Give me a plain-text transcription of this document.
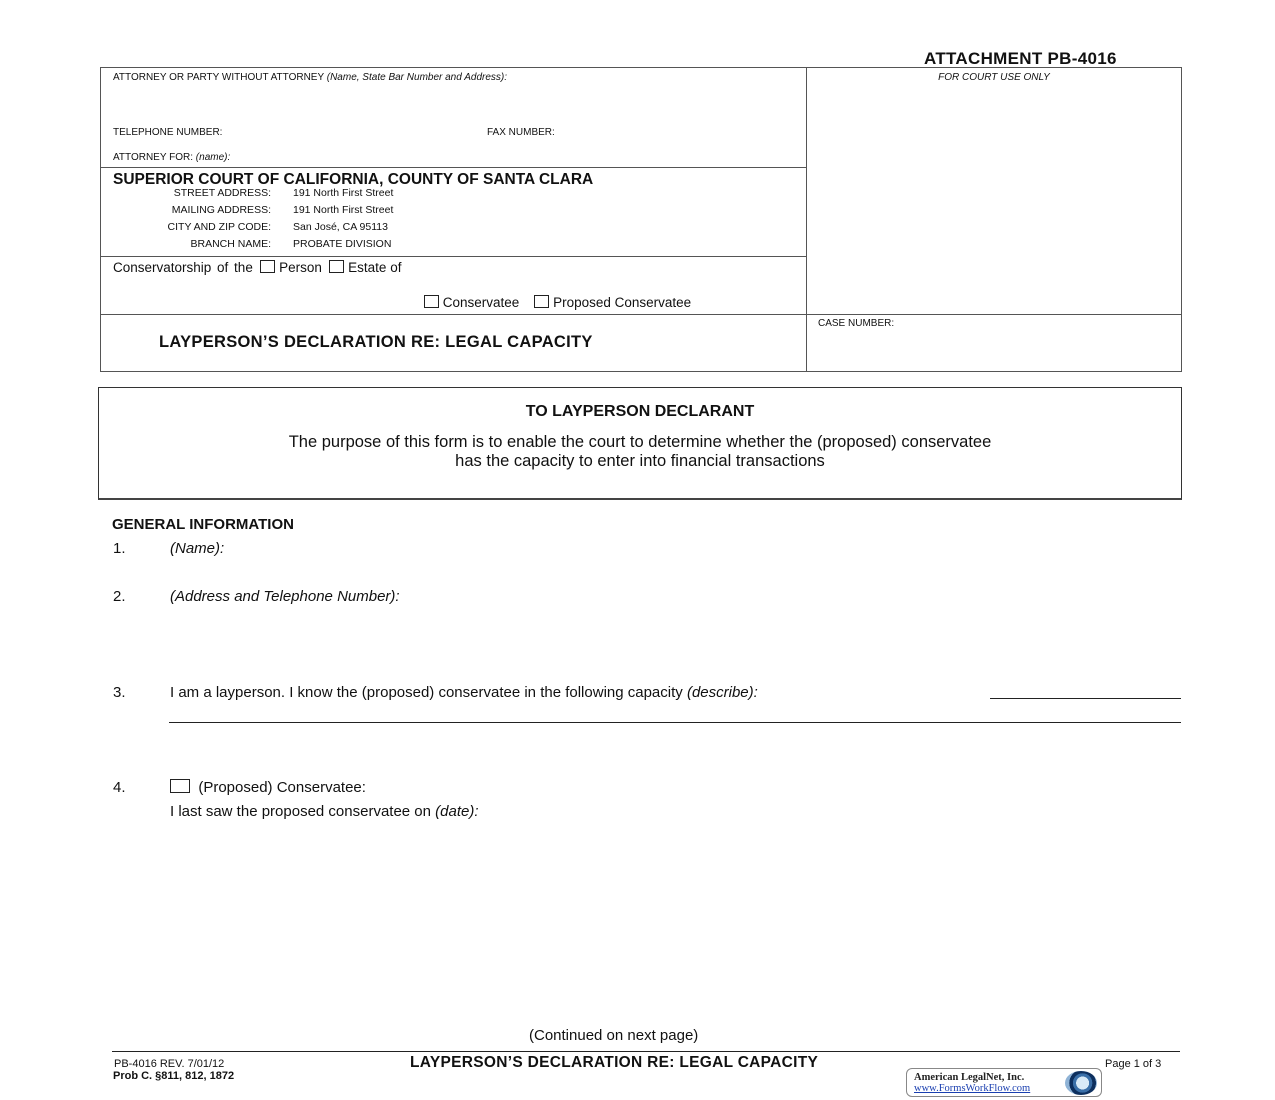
ATTACHMENT PB-4016
ATTORNEY OR PARTY WITHOUT ATTORNEY (Name, State Bar Number and Address):
TELEPHONE NUMBER:	FAX NUMBER:
ATTORNEY FOR: (name):
FOR COURT USE ONLY
SUPERIOR COURT OF CALIFORNIA, COUNTY OF SANTA CLARA
STREET ADDRESS: 191 North First Street
MAILING ADDRESS: 191 North First Street
CITY AND ZIP CODE: San José, CA 95113
BRANCH NAME: PROBATE DIVISION
Conservatorship of the Person Estate of
Conservatee	Proposed Conservatee
LAYPERSON’S DECLARATION RE: LEGAL CAPACITY
CASE NUMBER:
TO LAYPERSON DECLARANT
The purpose of this form is to enable the court to determine whether the (proposed) conservatee
has the capacity to enter into financial transactions
GENERAL INFORMATION
1.	(Name):
2.	(Address and Telephone Number):
3.	I am a layperson. I know the (proposed) conservatee in the following capacity (describe):
4.	(Proposed) Conservatee:
I last saw the proposed conservatee on (date):
(Continued on next page)
PB-4016 REV. 7/01/12
Prob C. §811, 812, 1872
LAYPERSON’S DECLARATION RE: LEGAL CAPACITY	Page 1 of 3
American LegalNet, Inc.
www.FormsWorkFlow.com
